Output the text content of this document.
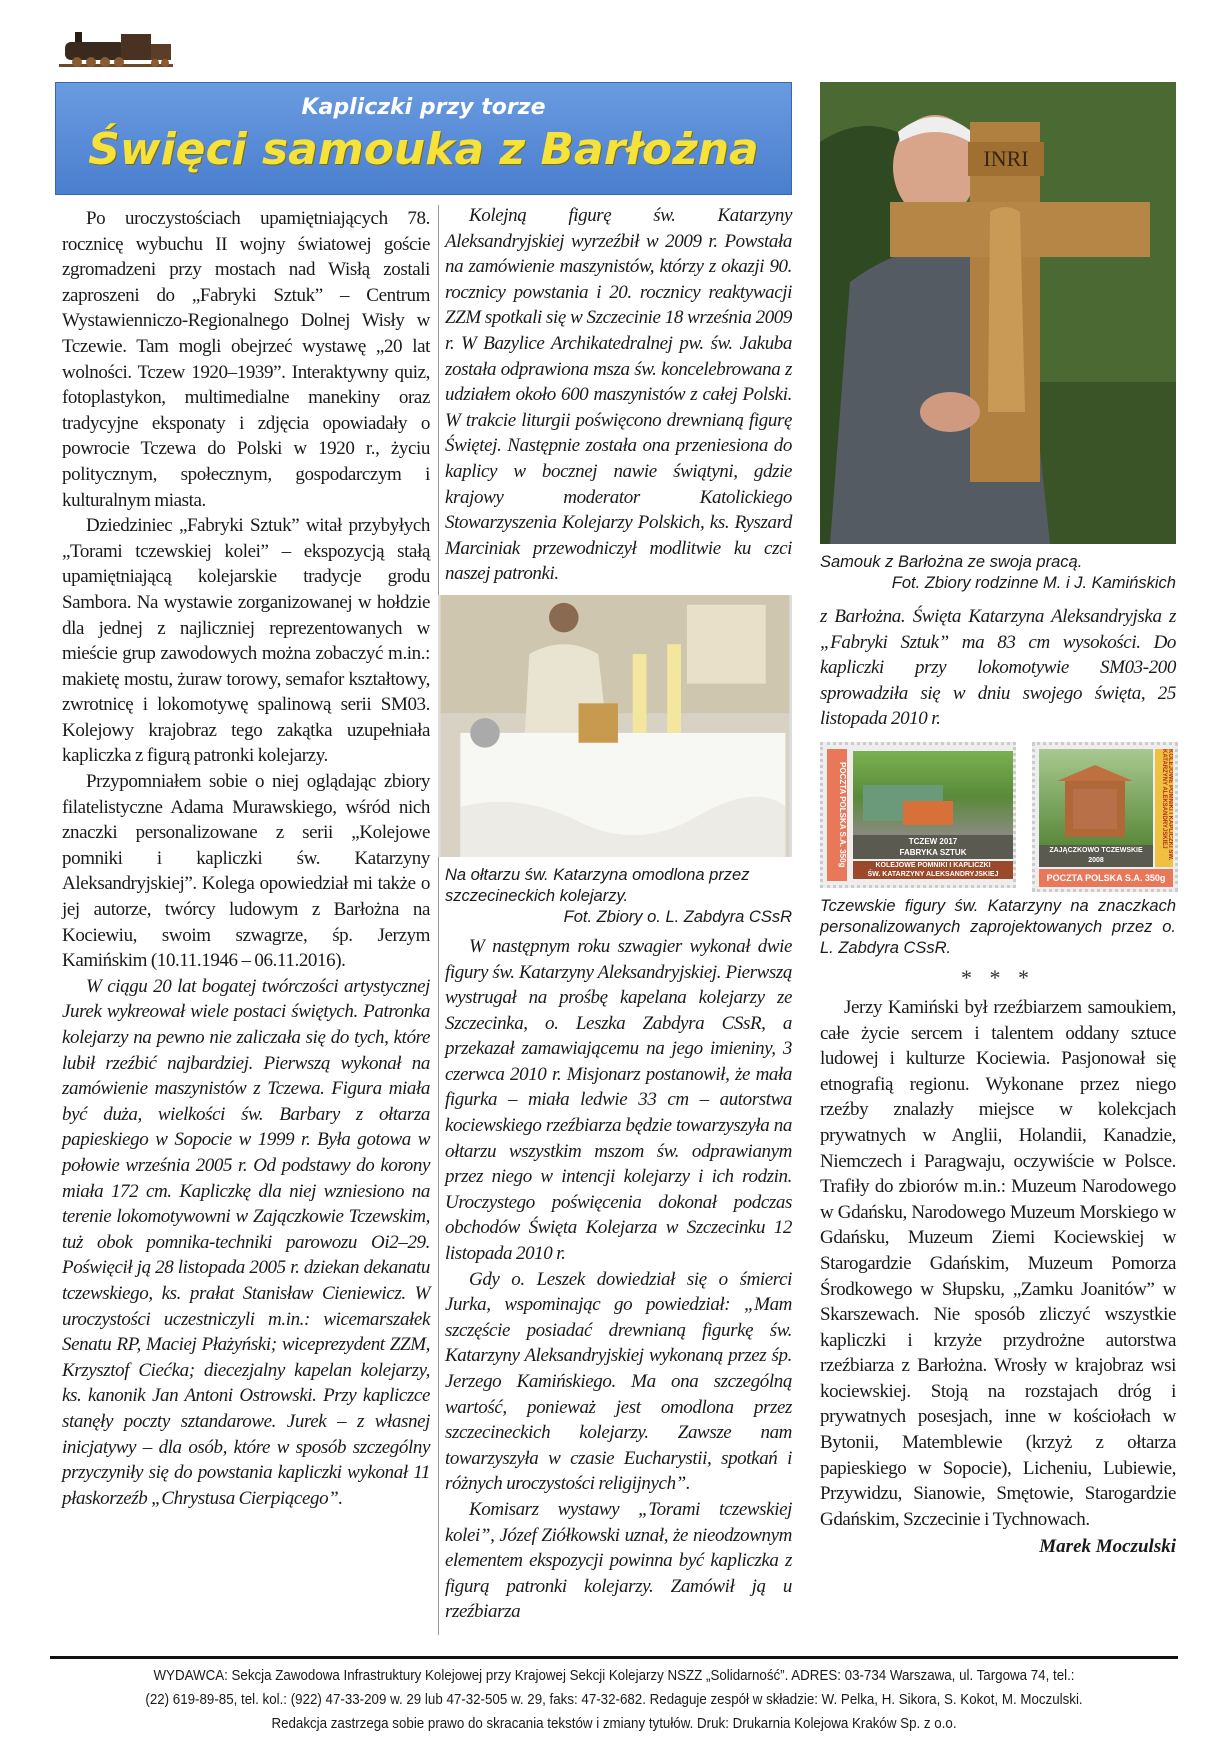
Kapliczki przy torze
Święci samouka z Barłożna

Po uroczystościach upamiętniających 78. rocznicę wybuchu II wojny światowej goście zgromadzeni przy mostach nad Wisłą zostali zaproszeni do „Fabryki Sztuk” – Centrum Wystawienniczo-Regionalnego Dolnej Wisły w Tczewie. Tam mogli obejrzeć wystawę „20 lat wolności. Tczew 1920–1939”. Interaktywny quiz, fotoplastykon, multimedialne manekiny oraz tradycyjne eksponaty i zdjęcia opowiadały o powrocie Tczewa do Polski w 1920 r., życiu politycznym, społecznym, gospodarczym i kulturalnym miasta.

Dziedziniec „Fabryki Sztuk” witał przybyłych „Torami tczewskiej kolei” – ekspozycją stałą upamiętniającą kolejarskie tradycje grodu Sambora. Na wystawie zorganizowanej w hołdzie dla jednej z najliczniej reprezentowanych w mieście grup zawodowych można zobaczyć m.in.: makietę mostu, żuraw torowy, semafor kształtowy, zwrotnicę i lokomotywę spalinową serii SM03. Kolejowy krajobraz tego zakątka uzupełniała kapliczka z figurą patronki kolejarzy.

Przypomniałem sobie o niej oglądając zbiory filatelistyczne Adama Murawskiego, wśród nich znaczki personalizowane z serii „Kolejowe pomniki i kapliczki św. Katarzyny Aleksandryjskiej”. Kolega opowiedział mi także o jej autorze, twórcy ludowym z Barłożna na Kociewiu, swoim szwagrze, śp. Jerzym Kamińskim (10.11.1946 – 06.11.2016).

W ciągu 20 lat bogatej twórczości artystycznej Jurek wykreował wiele postaci świętych. Patronka kolejarzy na pewno nie zaliczała się do tych, które lubił rzeźbić najbardziej. Pierwszą wykonał na zamówienie maszynistów z Tczewa. Figura miała być duża, wielkości św. Barbary z ołtarza papieskiego w Sopocie w 1999 r. Była gotowa w połowie września 2005 r. Od podstawy do korony miała 172 cm. Kapliczkę dla niej wzniesiono na terenie lokomotywowni w Zajączkowie Tczewskim, tuż obok pomnika-techniki parowozu Oi2–29. Poświęcił ją 28 listopada 2005 r. dziekan dekanatu tczewskiego, ks. prałat Stanisław Cieniewicz. W uroczystości uczestniczyli m.in.: wicemarszałek Senatu RP, Maciej Płażyński; wiceprezydent ZZM, Krzysztof Ciećka; diecezjalny kapelan kolejarzy, ks. kanonik Jan Antoni Ostrowski. Przy kapliczce stanęły poczty sztandarowe. Jurek – z własnej inicjatywy – dla osób, które w sposób szczególny przyczyniły się do powstania kapliczki wykonał 11 płaskorzeźb „Chrystusa Cierpiącego”.

Kolejną figurę św. Katarzyny Aleksandryjskiej wyrzeźbił w 2009 r. Powstała na zamówienie maszynistów, którzy z okazji 90. rocznicy powstania i 20. rocznicy reaktywacji ZZM spotkali się w Szczecinie 18 września 2009 r. W Bazylice Archikatedralnej pw. św. Jakuba została odprawiona msza św. koncelebrowana z udziałem około 600 maszynistów z całej Polski. W trakcie liturgii poświęcono drewnianą figurę Świętej. Następnie została ona przeniesiona do kaplicy w bocznej nawie świątyni, gdzie krajowy moderator Katolickiego Stowarzyszenia Kolejarzy Polskich, ks. Ryszard Marciniak przewodniczył modlitwie ku czci naszej patronki.

Na ołtarzu św. Katarzyna omodlona przez szczecineckich kolejarzy.
Fot. Zbiory o. L. Zabdyra CSsR

W następnym roku szwagier wykonał dwie figury św. Katarzyny Aleksandryjskiej. Pierwszą wystrugał na prośbę kapelana kolejarzy ze Szczecinka, o. Leszka Zabdyra CSsR, a przekazał zamawiającemu na jego imieniny, 3 czerwca 2010 r. Misjonarz postanowił, że mała figurka – miała ledwie 33 cm – autorstwa kociewskiego rzeźbiarza będzie towarzyszyła na ołtarzu wszystkim mszom św. odprawianym przez niego w intencji kolejarzy i ich rodzin. Uroczystego poświęcenia dokonał podczas obchodów Święta Kolejarza w Szczecinku 12 listopada 2010 r.

Gdy o. Leszek dowiedział się o śmierci Jurka, wspominając go powiedział: „Mam szczęście posiadać drewnianą figurkę św. Katarzyny Aleksandryjskiej wykonaną przez śp. Jerzego Kamińskiego. Ma ona szczególną wartość, ponieważ jest omodlona przez szczecineckich kolejarzy. Zawsze nam towarzyszyła w czasie Eucharystii, spotkań i różnych uroczystości religijnych”.

Komisarz wystawy „Torami tczewskiej kolei”, Józef Ziółkowski uznał, że nieodzownym elementem ekspozycji powinna być kapliczka z figurą patronki kolejarzy. Zamówił ją u rzeźbiarza

INRI
Samouk z Barłożna ze swoja pracą.
Fot. Zbiory rodzinne M. i J. Kamińskich

z Barłożna. Święta Katarzyna Aleksandryjska z „Fabryki Sztuk” ma 83 cm wysokości. Do kapliczki przy lokomotywie SM03-200 sprowadziła się w dniu swojego święta, 25 listopada 2010 r.

POCZTA POLSKA S.A. 350g	TCZEW 2017
FABRYKA SZTUK
KOLEJOWE POMNIKI I KAPLICZKI
ŚW. KATARZYNY ALEKSANDRYJSKIEJ
Tczewskie figury św. Katarzyny na znaczkach personalizowanych zaprojektowanych przez o. L. Zabdyra CSsR.
ZAJĄCZKOWO TCZEWSKIE
2008
KOLEJOWE POMNIKI I KAPLICZKI ŚW. KATARZYNY ALEKSANDRYJSKIEJ
POCZTA POLSKA S.A. 350g
* * *

Jerzy Kamiński był rzeźbiarzem samoukiem, całe życie sercem i talentem oddany sztuce ludowej i kulturze Kociewia. Pasjonował się etnografią regionu. Wykonane przez niego rzeźby znalazły miejsce w kolekcjach prywatnych w Anglii, Holandii, Kanadzie, Niemczech i Paragwaju, oczywiście w Polsce. Trafiły do zbiorów m.in.: Muzeum Narodowego w Gdańsku, Narodowego Muzeum Morskiego w Gdańsku, Muzeum Ziemi Kociewskiej w Starogardzie Gdańskim, Muzeum Pomorza Środkowego w Słupsku, „Zamku Joanitów” w Skarszewach. Nie sposób zliczyć wszystkie kapliczki i krzyże przydrożne autorstwa rzeźbiarza z Barłożna. Wrosły w krajobraz wsi kociewskiej. Stoją na rozstajach dróg i prywatnych posesjach, inne w kościołach w Bytonii, Matemblewie (krzyż z ołtarza papieskiego w Sopocie), Licheniu, Lubiewie, Przywidzu, Sianowie, Smętowie, Starogardzie Gdańskim, Szczecinie i Tychnowach.

Marek Moczulski
WYDAWCA: Sekcja Zawodowa Infrastruktury Kolejowej przy Krajowej Sekcji Kolejarzy NSZZ „Solidarność”. ADRES: 03-734 Warszawa, ul. Targowa 74, tel.:
(22) 619-89-85, tel. kol.: (922) 47-33-209 w. 29 lub 47-32-505 w. 29, faks: 47-32-682. Redaguje zespół w składzie: W. Pelka, H. Sikora, S. Kokot, M. Moczulski.
Redakcja zastrzega sobie prawo do skracania tekstów i zmiany tytułów. Druk: Drukarnia Kolejowa Kraków Sp. z o.o.
